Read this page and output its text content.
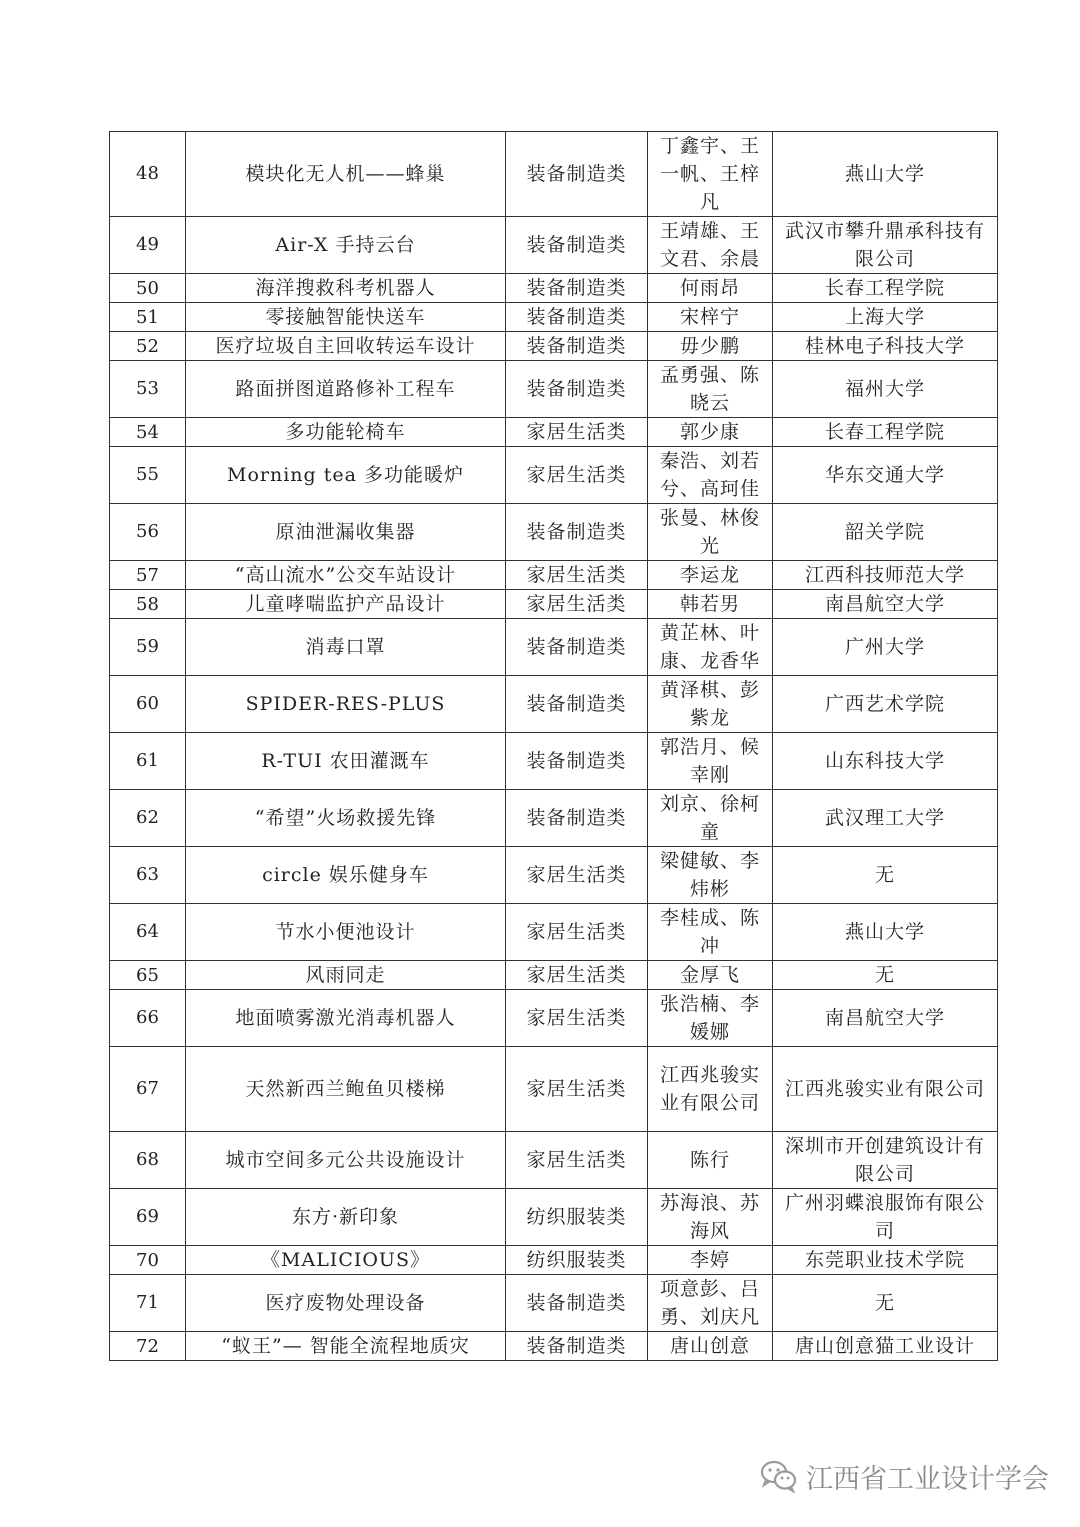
48	模块化无人机——蜂巢	装备制造类	丁鑫宇、王一帆、王梓凡	燕山大学
49	Air-X 手持云台	装备制造类	王靖雄、王文君、余晨	武汉市攀升鼎承科技有限公司
50	海洋搜救科考机器人	装备制造类	何雨昂	长春工程学院
51	零接触智能快送车	装备制造类	宋梓宁	上海大学
52	医疗垃圾自主回收转运车设计	装备制造类	毋少鹏	桂林电子科技大学
53	路面拼图道路修补工程车	装备制造类	孟勇强、陈晓云	福州大学
54	多功能轮椅车	家居生活类	郭少康	长春工程学院
55	Morning tea 多功能暖炉	家居生活类	秦浩、刘若兮、高珂佳	华东交通大学
56	原油泄漏收集器	装备制造类	张曼、林俊光	韶关学院
57	“高山流水”公交车站设计	家居生活类	李运龙	江西科技师范大学
58	儿童哮喘监护产品设计	家居生活类	韩若男	南昌航空大学
59	消毒口罩	装备制造类	黄芷林、叶康、龙香华	广州大学
60	SPIDER-RES-PLUS	装备制造类	黄泽棋、彭紫龙	广西艺术学院
61	R-TUI 农田灌溉车	装备制造类	郭浩月、候幸刚	山东科技大学
62	“希望”火场救援先锋	装备制造类	刘京、徐柯童	武汉理工大学
63	circle 娱乐健身车	家居生活类	梁健敏、李炜彬	无
64	节水小便池设计	家居生活类	李桂成、陈冲	燕山大学
65	风雨同走	家居生活类	金厚飞	无
66	地面喷雾激光消毒机器人	家居生活类	张浩楠、李媛娜	南昌航空大学
67	天然新西兰鲍鱼贝楼梯	家居生活类	江西兆骏实业有限公司	江西兆骏实业有限公司
68	城市空间多元公共设施设计	家居生活类	陈行	深圳市开创建筑设计有限公司
69	东方·新印象	纺织服装类	苏海浪、苏海风	广州羽蝶浪服饰有限公司
70	《MALICIOUS》	纺织服装类	李婷	东莞职业技术学院
71	医疗废物处理设备	装备制造类	项意彭、吕勇、刘庆凡	无
72	“蚁王”— 智能全流程地质灾	装备制造类	唐山创意	唐山创意猫工业设计
江西省工业设计学会
